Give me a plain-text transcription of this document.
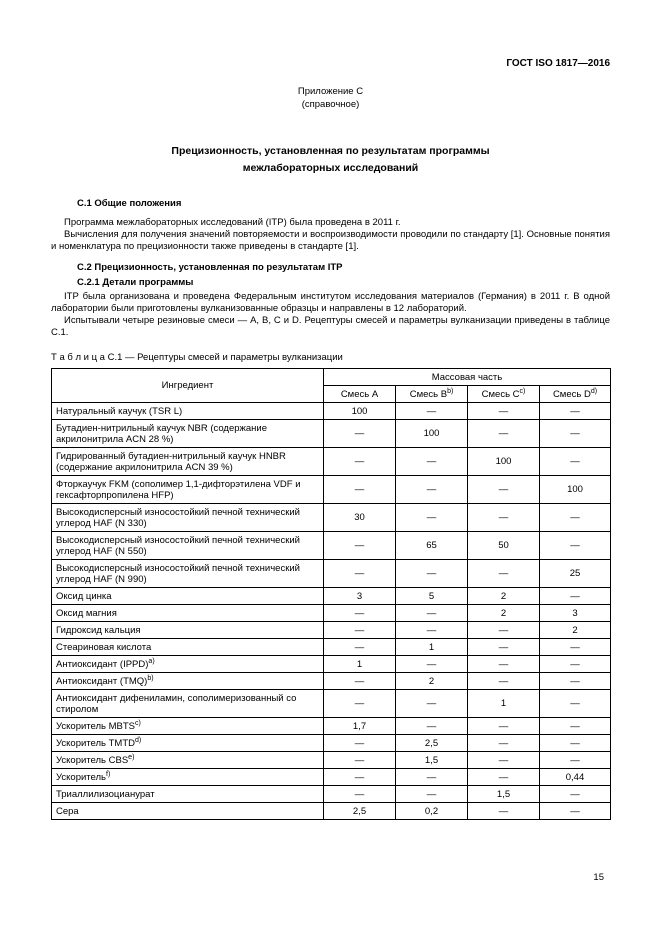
ГОСТ ISO 1817—2016
Приложение С
(справочное)
Прецизионность, установленная по результатам программы
межлабораторных исследований
С.1 Общие положения

Программа межлабораторных исследований (ITP) была проведена в 2011 г.

Вычисления для получения значений повторяемости и воспроизводимости проводили по стандарту [1]. Основные понятия и номенклатура по прецизионности также приведены в стандарте [1].

С.2 Прецизионность, установленная по результатам ITP
С.2.1 Детали программы

ITP была организована и проведена Федеральным институтом исследования материалов (Германия) в 2011 г. В одной лаборатории были приготовлены вулканизованные образцы и направлены в 12 лабораторий.

Испытывали четыре резиновые смеси — А, В, С и D. Рецептуры смесей и параметры вулканизации приведены в таблице С.1.

Т а б л и ц а С.1 — Рецептуры смесей и параметры вулканизации
Ингредиент	Массовая часть			
	Смесь А	Смесь $B^{b)}$	Смесь $C^{c)}$	Смесь $D^{d)}$
Натуральный каучук (TSR L)	100	—	—	—
Бутадиен-нитрильный каучук NBR (содержание акрилонитрила ACN 28 %)	—	100	—	—
Гидрированный бутадиен-нитрильный каучук HNBR (содержание акрилонитрила ACN 39 %)	—	—	100	—
Фторкаучук FKM (сополимер 1,1-дифторэтилена VDF и гексафторпропилена HFP)	—	—	—	100
Высокодисперсный износостойкий печной технический углерод HAF (N 330)	30	—	—	—
Высокодисперсный износостойкий печной технический углерод HAF (N 550)	—	65	50	—
Высокодисперсный износостойкий печной технический углерод HAF (N 990)	—	—	—	25
Оксид цинка	3	5	2	—
Оксид магния	—	—	2	3
Гидроксид кальция	—	—	—	2
Стеариновая кислота	—	1	—	—
Антиоксидант (IPPD)$^{a)}$	1	—	—	—
Антиоксидант (TMQ)$^{b)}$	—	2	—	—
Антиоксидант дифениламин, сополимеризованный со стиролом	—	—	1	—
Ускоритель MBTS$^{c)}$	1,7	—	—	—
Ускоритель TMTD$^{d)}$	—	2,5	—	—
Ускоритель CBS$^{e)}$	—	1,5	—	—
Ускоритель$^{f)}$	—	—	—	0,44
Триаллилизоцианурат	—	—	1,5	—
Сера	2,5	0,2	—	—
15
